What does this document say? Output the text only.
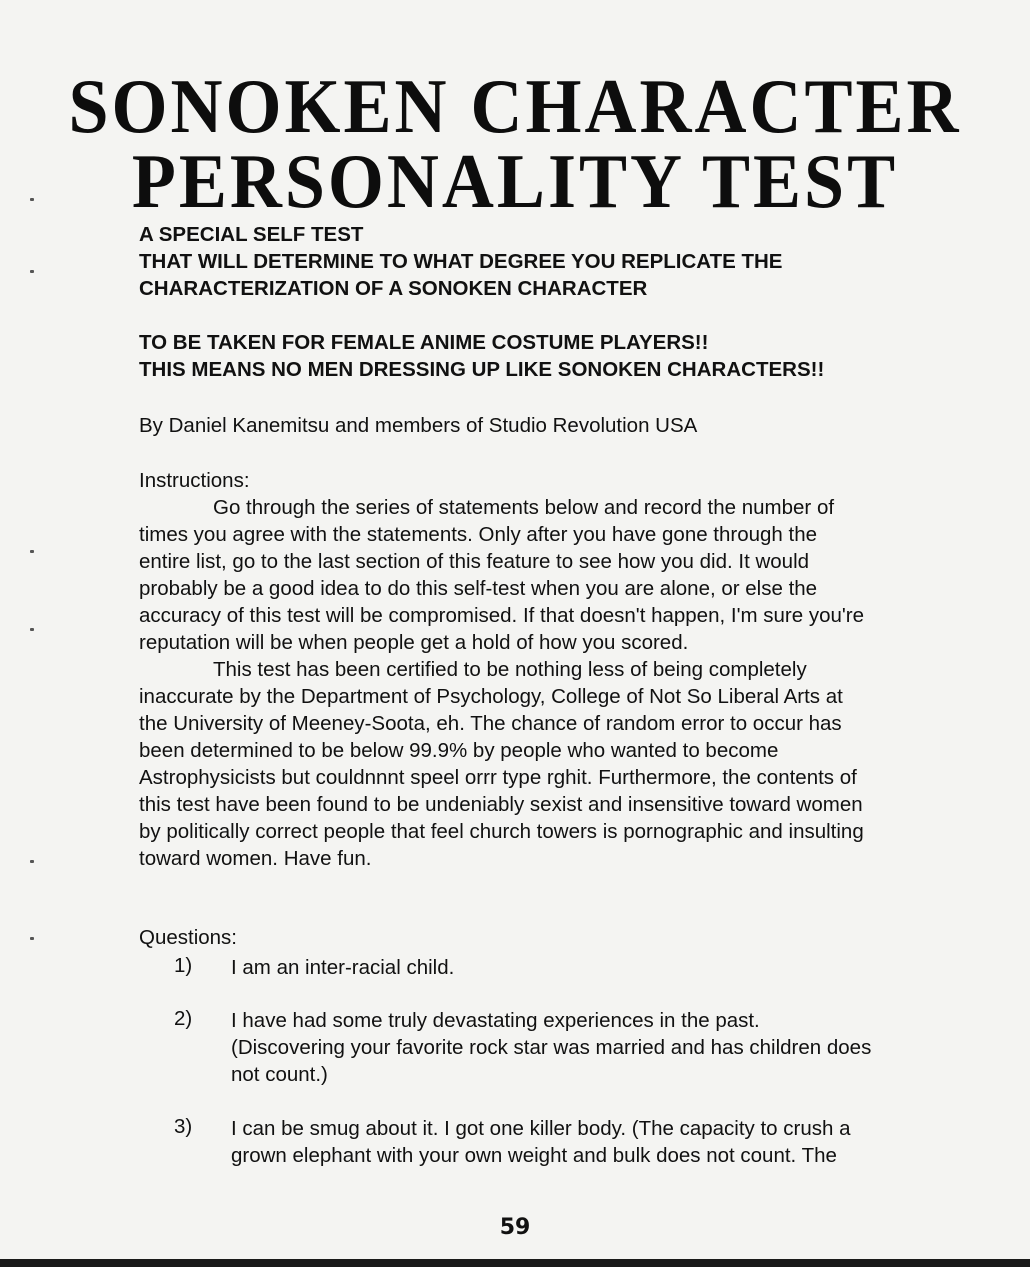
SONOKEN CHARACTER
PERSONALITY TEST
A SPECIAL SELF TEST
THAT WILL DETERMINE TO WHAT DEGREE YOU REPLICATE THE
CHARACTERIZATION OF A SONOKEN CHARACTER
TO BE TAKEN FOR FEMALE ANIME COSTUME PLAYERS!!
THIS MEANS NO MEN DRESSING UP LIKE SONOKEN CHARACTERS!!
By Daniel Kanemitsu and members of Studio Revolution USA
Instructions:
Go through the series of statements below and record the number of
times you agree with the statements. Only after you have gone through the
entire list, go to the last section of this feature to see how you did. It would
probably be a good idea to do this self-test when you are alone, or else the
accuracy of this test will be compromised. If that doesn't happen, I'm sure you're
reputation will be when people get a hold of how you scored.
This test has been certified to be nothing less of being completely
inaccurate by the Department of Psychology, College of Not So Liberal Arts at
the University of Meeney-Soota, eh. The chance of random error to occur has
been determined to be below 99.9% by people who wanted to become
Astrophysicists but couldnnnt speel orrr type rghit. Furthermore, the contents of
this test have been found to be undeniably sexist and insensitive toward women
by politically correct people that feel church towers is pornographic and insulting
toward women. Have fun.
Questions:
1) I am an inter-racial child.
2) I have had some truly devastating experiences in the past.
(Discovering your favorite rock star was married and has children does
not count.)
3) I can be smug about it. I got one killer body. (The capacity to crush a
grown elephant with your own weight and bulk does not count. The
59
